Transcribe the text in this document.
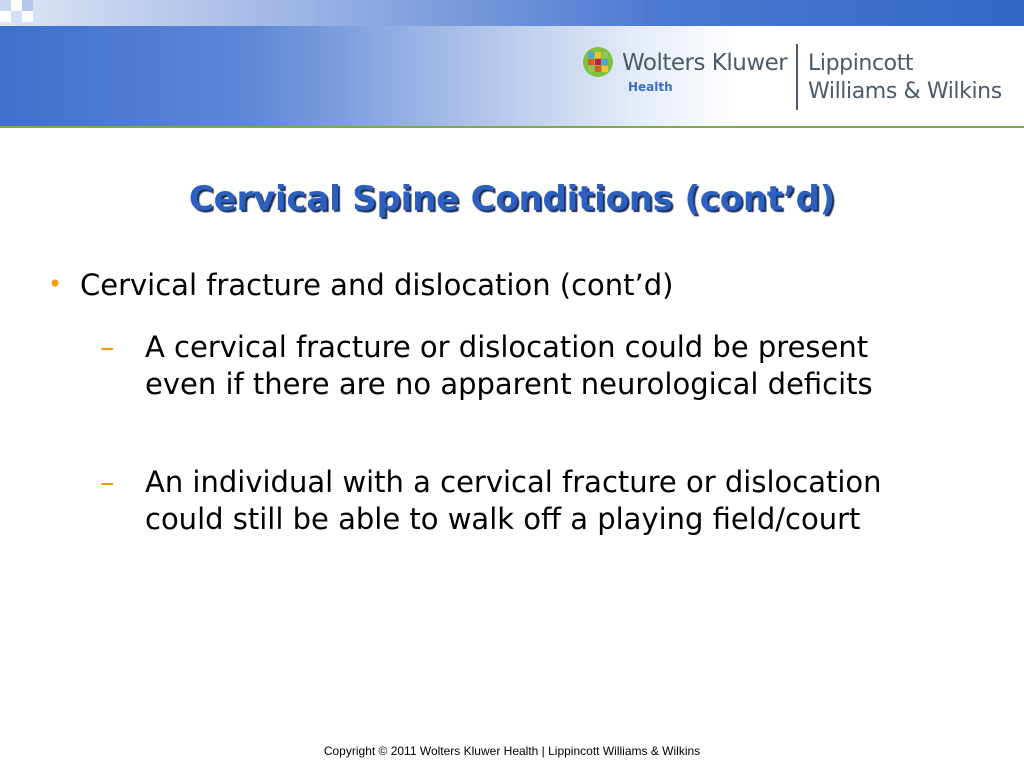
Wolters Kluwer
Health
Lippincott
Williams & Wilkins
Cervical Spine Conditions (cont’d)
• Cervical fracture and dislocation (cont’d)
– A cervical fracture or dislocation could be present even if there are no apparent neurological deficits
– An individual with a cervical fracture or dislocation could still be able to walk off a playing field/court
Copyright © 2011 Wolters Kluwer Health | Lippincott Williams & Wilkins
